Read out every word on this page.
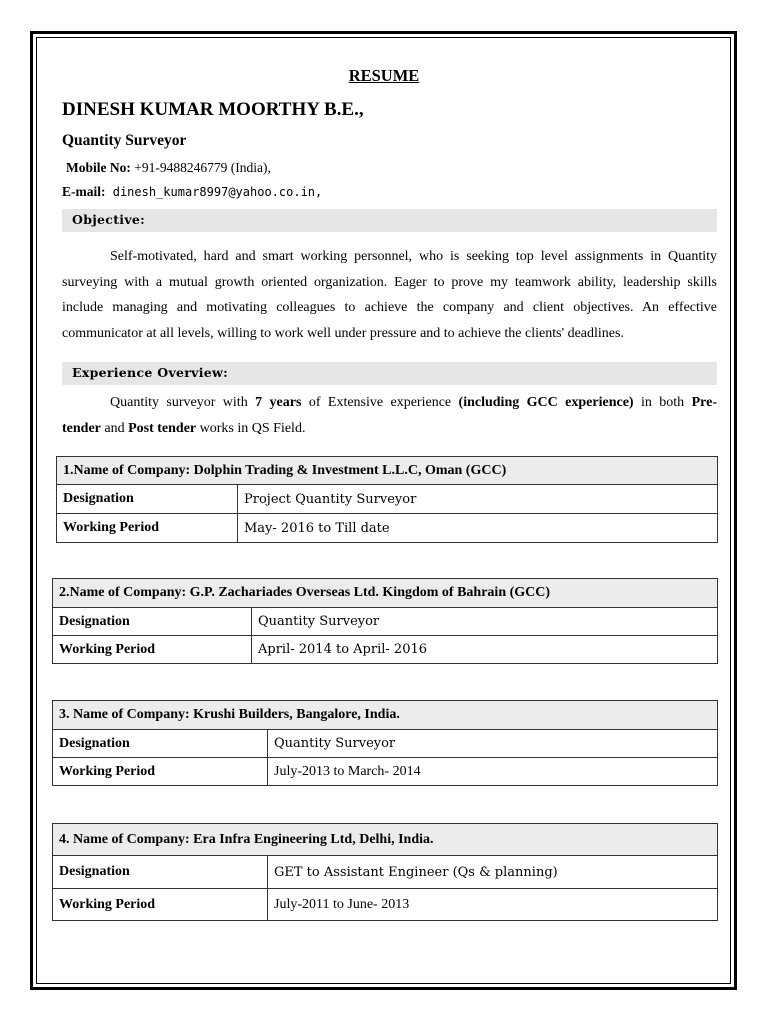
RESUME
DINESH KUMAR MOORTHY B.E.,
Quantity Surveyor
Mobile No: +91-9488246779 (India),
E-mail: dinesh_kumar8997@yahoo.co.in,
Objective:
Self-motivated, hard and smart working personnel, who is seeking top level assignments in Quantity
surveying with a mutual growth oriented organization. Eager to prove my teamwork ability, leadership skills
include managing and motivating colleagues to achieve the company and client objectives. An effective
communicator at all levels, willing to work well under pressure and to achieve the clients' deadlines.
Experience Overview:
Quantity surveyor with 7 years of Extensive experience (including GCC experience) in both Pre-
tender and Post tender works in QS Field.
1.Name of Company: Dolphin Trading & Investment L.L.C, Oman (GCC)	
Designation	Project Quantity Surveyor
Working Period	May- 2016 to Till date
2.Name of Company: G.P. Zachariades Overseas Ltd. Kingdom of Bahrain (GCC)	
Designation	Quantity Surveyor
Working Period	April- 2014 to April- 2016
3. Name of Company: Krushi Builders, Bangalore, India.	
Designation	Quantity Surveyor
Working Period	July-2013 to March- 2014
4. Name of Company: Era Infra Engineering Ltd, Delhi, India.	
Designation	GET to Assistant Engineer (Qs & planning)
Working Period	July-2011 to June- 2013
